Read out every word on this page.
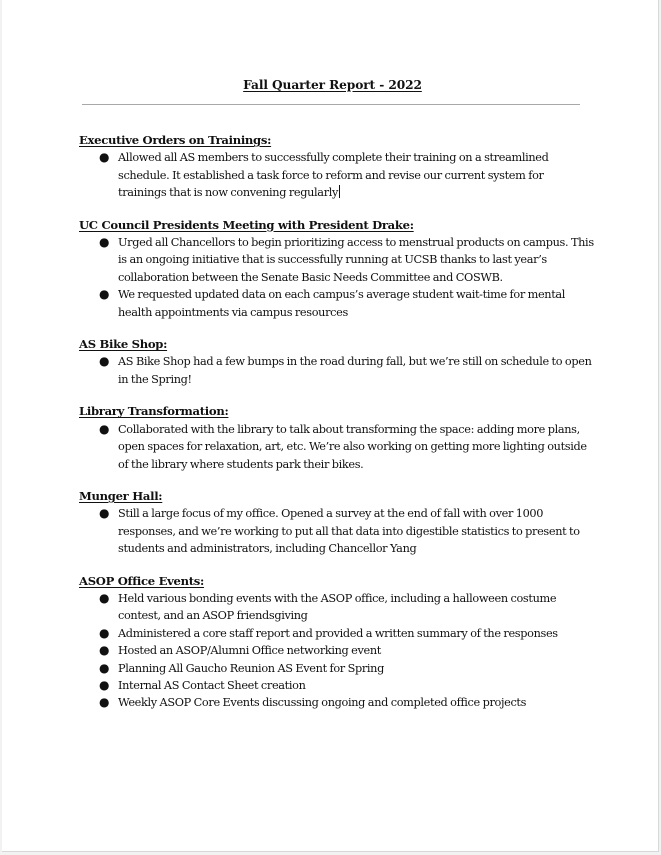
Fall Quarter Report - 2022
Executive Orders on Trainings:
● Allowed all AS members to successfully complete their training on a streamlined schedule. It established a task force to reform and revise our current system for trainings that is now convening regularly
UC Council Presidents Meeting with President Drake:
● Urged all Chancellors to begin prioritizing access to menstrual products on campus. This is an ongoing initiative that is successfully running at UCSB thanks to last year’s collaboration between the Senate Basic Needs Committee and COSWB.
● We requested updated data on each campus’s average student wait-time for mental health appointments via campus resources
AS Bike Shop:
● AS Bike Shop had a few bumps in the road during fall, but we’re still on schedule to open in the Spring!
Library Transformation:
● Collaborated with the library to talk about transforming the space: adding more plans, open spaces for relaxation, art, etc. We’re also working on getting more lighting outside of the library where students park their bikes.
Munger Hall:
● Still a large focus of my office. Opened a survey at the end of fall with over 1000 responses, and we’re working to put all that data into digestible statistics to present to students and administrators, including Chancellor Yang
ASOP Office Events:
● Held various bonding events with the ASOP office, including a halloween costume contest, and an ASOP friendsgiving
● Administered a core staff report and provided a written summary of the responses
● Hosted an ASOP/Alumni Office networking event
● Planning All Gaucho Reunion AS Event for Spring
● Internal AS Contact Sheet creation
● Weekly ASOP Core Events discussing ongoing and completed office projects
